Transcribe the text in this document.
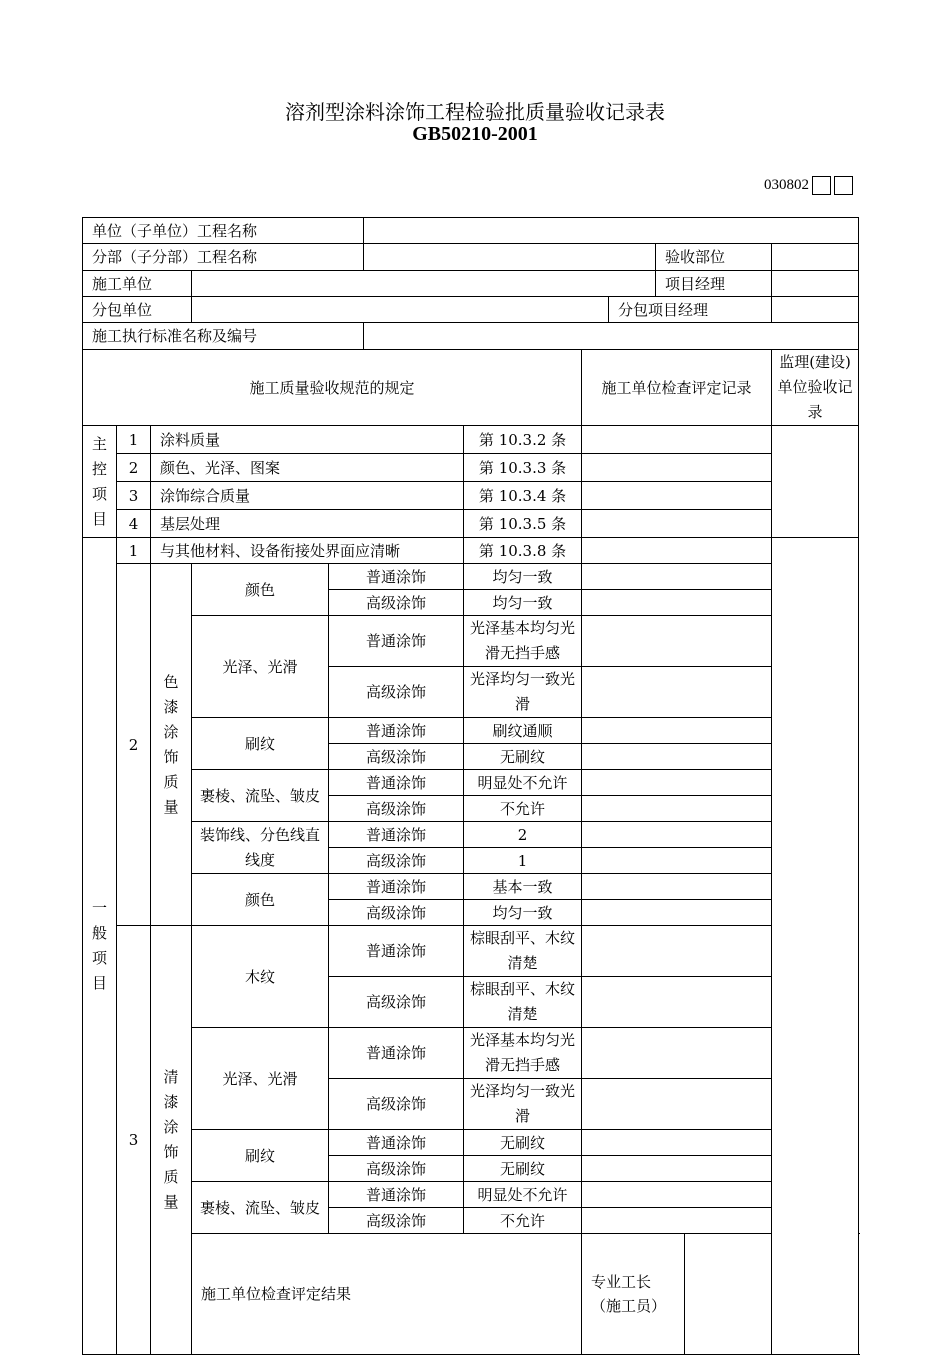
溶剂型涂料涂饰工程检验批质量验收记录表
GB50210-2001
030802
单位（子单位）工程名称												
分部（子分部）工程名称									验收部位			
施工单位									项目经理			
分包单位								分包项目经理				
施工执行标准名称及编号												
施工质量验收规范的规定							施工单位检查评定记录				监理(建设)单位验收记录	
主控项目	1	涂料质量				第 10.3.2 条						
	2	颜色、光泽、图案				第 10.3.3 条						
	3	涂饰综合质量				第 10.3.4 条						
	4	基层处理				第 10.3.5 条						
一般项目	1	与其他材料、设备衔接处界面应清晰				第 10.3.8 条						
	2	色漆涂饰质量	颜色	普通涂饰		均匀一致						
				高级涂饰		均匀一致						
			光泽、光滑	普通涂饰		光泽基本均匀光滑无挡手感						
				高级涂饰		光泽均匀一致光滑						
			刷纹	普通涂饰		刷纹通顺						
				高级涂饰		无刷纹						
			裹棱、流坠、皱皮	普通涂饰		明显处不允许						
				高级涂饰		不允许						
			装饰线、分色线直线度	普通涂饰		2						
				高级涂饰		1						
			颜色	普通涂饰		基本一致						
				高级涂饰		均匀一致						
	3	清漆涂饰质量	木纹	普通涂饰		棕眼刮平、木纹清楚						
				高级涂饰		棕眼刮平、木纹清楚						
			光泽、光滑	普通涂饰		光泽基本均匀光滑无挡手感						
				高级涂饰		光泽均匀一致光滑						
			刷纹	普通涂饰		无刷纹						
				高级涂饰		无刷纹						
			裹棱、流坠、皱皮	普通涂饰		明显处不允许						
				高级涂饰		不允许						
			施工单位检查评定结果				专业工长（施工员）			
